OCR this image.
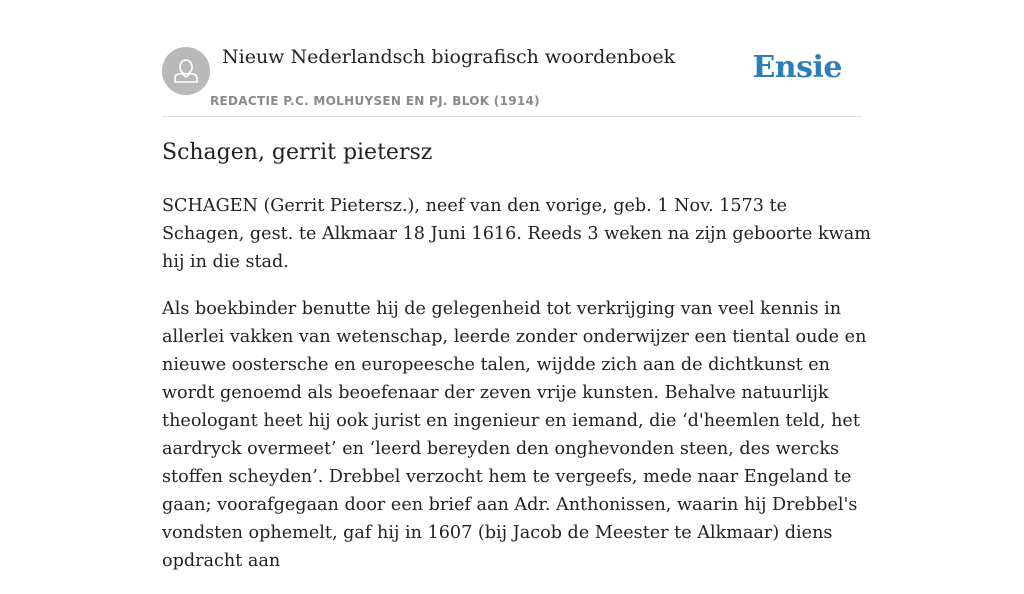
Nieuw Nederlandsch biografisch woordenboek
REDACTIE P.C. MOLHUYSEN EN PJ. BLOK (1914)
Ensie
Schagen, gerrit pietersz

SCHAGEN (Gerrit Pietersz.), neef van den vorige, geb. 1 Nov. 1573 te Schagen, gest. te Alkmaar 18 Juni 1616. Reeds 3 weken na zijn geboorte kwam hij in die stad.

Als boekbinder benutte hij de gelegenheid tot verkrijging van veel kennis in allerlei vakken van wetenschap, leerde zonder onderwijzer een tiental oude en nieuwe oostersche en europeesche talen, wijdde zich aan de dichtkunst en wordt genoemd als beoefenaar der zeven vrije kunsten. Behalve natuurlijk theologant heet hij ook jurist en ingenieur en iemand, die ‘d'heemlen teld, het aardryck overmeet’ en ‘leerd bereyden den onghevonden steen, des wercks stoffen scheyden’. Drebbel verzocht hem te vergeefs, mede naar Engeland te gaan; voorafgegaan door een brief aan Adr. Anthonissen, waarin hij Drebbel's vondsten ophemelt, gaf hij in 1607 (bij Jacob de Meester te Alkmaar) diens opdracht aan
